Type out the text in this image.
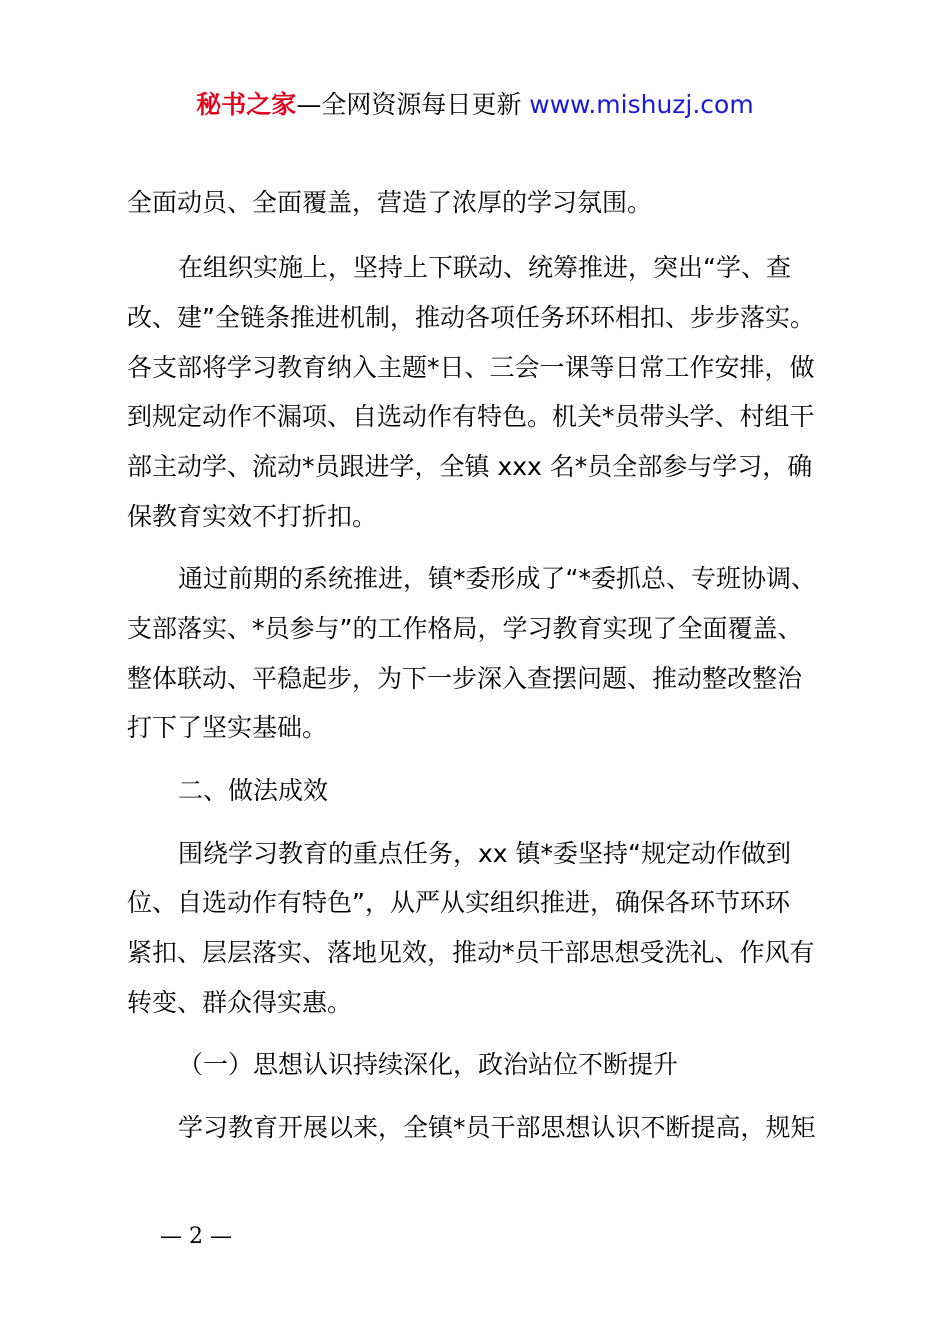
秘书之家—全网资源每日更新 www.mishuzj.com
全面动员、全面覆盖，营造了浓厚的学习氛围。
在组织实施上，坚持上下联动、统筹推进，突出“学、查
改、建”全链条推进机制，推动各项任务环环相扣、步步落实。
各支部将学习教育纳入主题*日、三会一课等日常工作安排，做
到规定动作不漏项、自选动作有特色。机关*员带头学、村组干
部主动学、流动*员跟进学，全镇 xxx 名*员全部参与学习，确
保教育实效不打折扣。
通过前期的系统推进，镇*委形成了“*委抓总、专班协调、
支部落实、*员参与”的工作格局，学习教育实现了全面覆盖、
整体联动、平稳起步，为下一步深入查摆问题、推动整改整治
打下了坚实基础。
二、做法成效
围绕学习教育的重点任务，xx 镇*委坚持“规定动作做到
位、自选动作有特色”，从严从实组织推进，确保各环节环环
紧扣、层层落实、落地见效，推动*员干部思想受洗礼、作风有
转变、群众得实惠。
（一）思想认识持续深化，政治站位不断提升
学习教育开展以来，全镇*员干部思想认识不断提高，规矩
— 2 —
